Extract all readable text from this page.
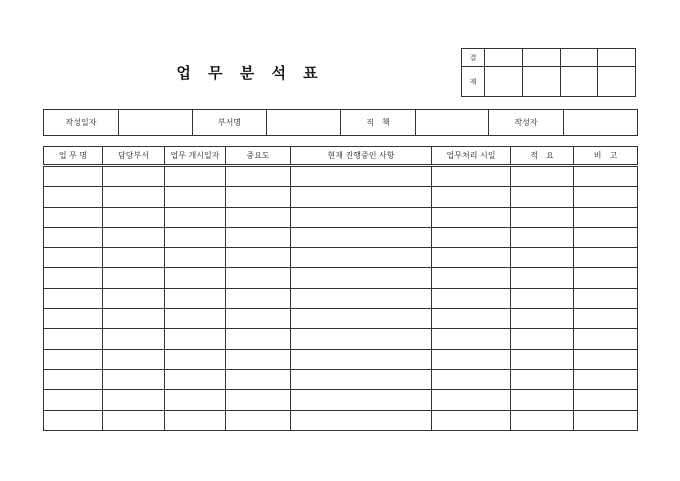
업 무 분 석 표
결				
재				
작성일자		부서명		직　책		작성자	
업 무 명	담당부서	업무 개시일자	중요도	현재 진행중인 사항	업무처리 시일	적　요	비　고
